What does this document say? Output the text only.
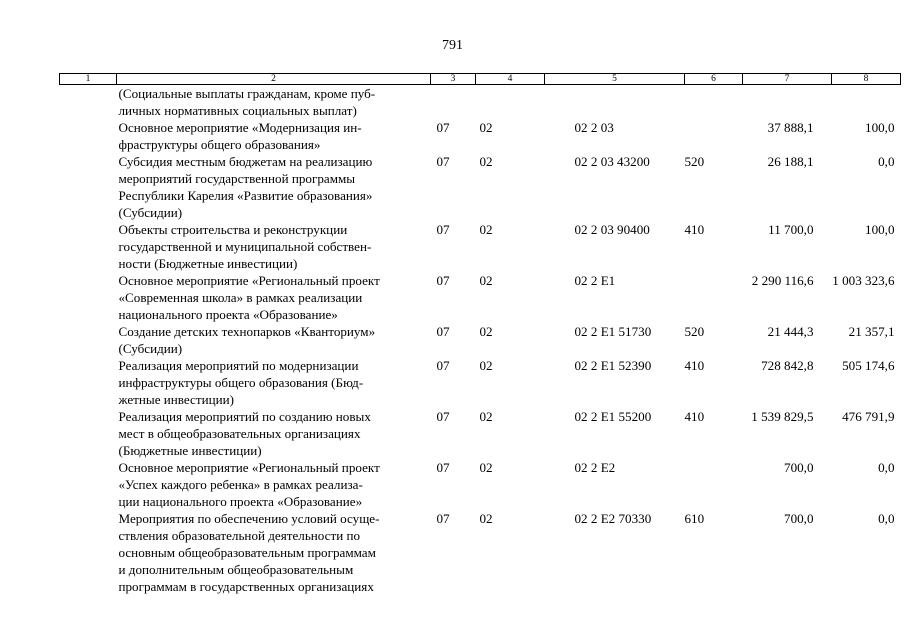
791
1	2	3	4	5	6	7	8
	(Социальные выплаты гражданам, кроме пуб-
личных нормативных социальных выплат)						
	Основное мероприятие «Модернизация ин-
фраструктуры общего образования»	07	02	02 2 03		37 888,1	100,0
	Субсидия местным бюджетам на реализацию
мероприятий государственной программы
Республики Карелия «Развитие образования»
(Субсидии)	07	02	02 2 03 43200	520	26 188,1	0,0
	Объекты строительства и реконструкции
государственной и муниципальной собствен-
ности (Бюджетные инвестиции)	07	02	02 2 03 90400	410	11 700,0	100,0
	Основное мероприятие «Региональный проект
«Современная школа» в рамках реализации
национального проекта «Образование»	07	02	02 2 E1		2 290 116,6	1 003 323,6
	Создание детских технопарков «Кванториум»
(Субсидии)	07	02	02 2 E1 51730	520	21 444,3	21 357,1
	Реализация мероприятий по модернизации
инфраструктуры общего образования (Бюд-
жетные инвестиции)	07	02	02 2 E1 52390	410	728 842,8	505 174,6
	Реализация мероприятий по созданию новых
мест в общеобразовательных организациях
(Бюджетные инвестиции)	07	02	02 2 E1 55200	410	1 539 829,5	476 791,9
	Основное мероприятие «Региональный проект
«Успех каждого ребенка» в рамках реализа-
ции национального проекта «Образование»	07	02	02 2 E2		700,0	0,0
	Мероприятия по обеспечению условий осуще-
ствления образовательной деятельности по
основным общеобразовательным программам
и дополнительным общеобразовательным
программам в государственных организациях	07	02	02 2 E2 70330	610	700,0	0,0
